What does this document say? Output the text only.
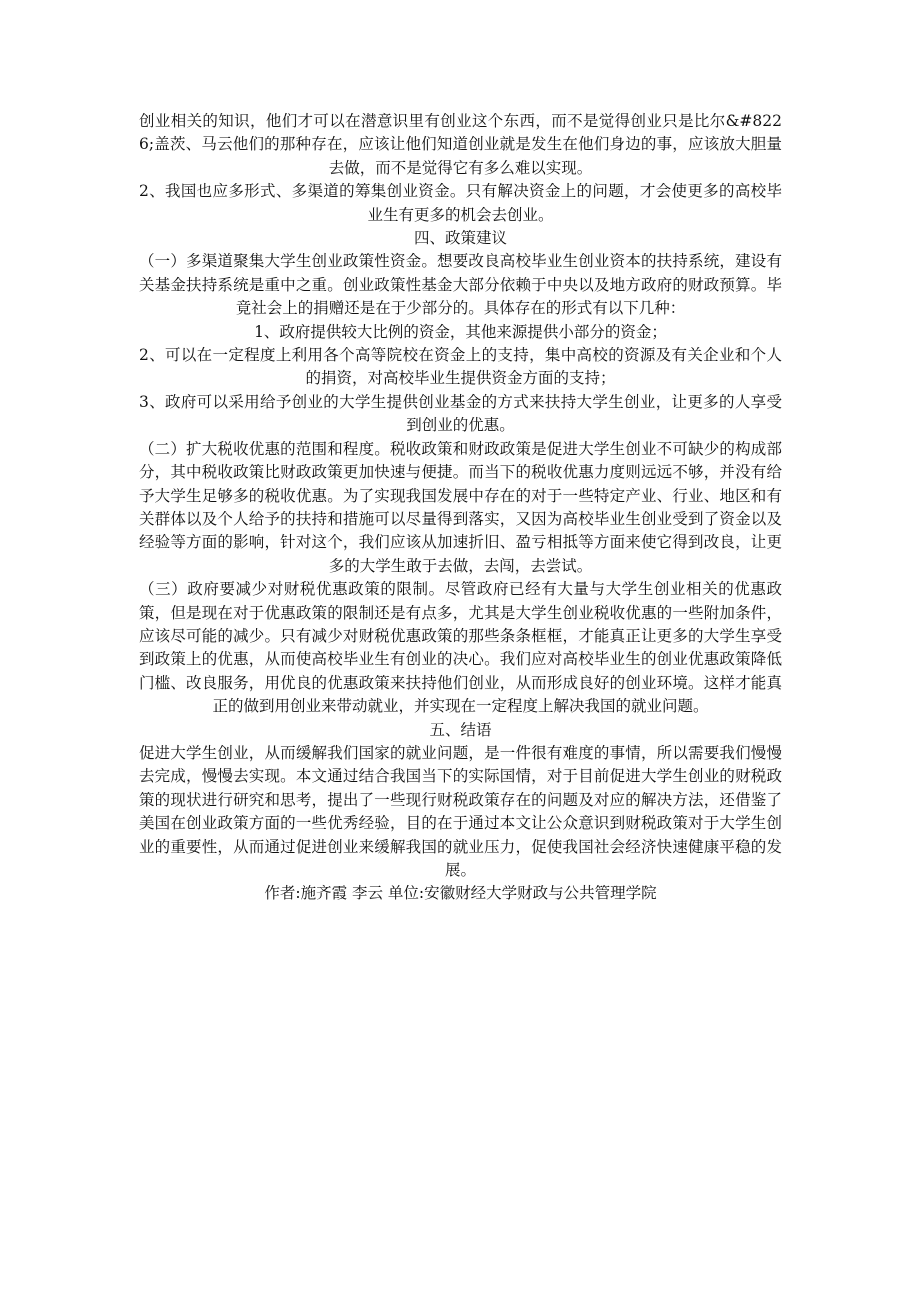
创业相关的知识，他们才可以在潜意识里有创业这个东西，而不是觉得创业只是比尔&#8226;盖茨、马云他们的那种存在，应该让他们知道创业就是发生在他们身边的事，应该放大胆量去做，而不是觉得它有多么难以实现。

2、我国也应多形式、多渠道的筹集创业资金。只有解决资金上的问题，才会使更多的高校毕业生有更多的机会去创业。

四、政策建议

（一）多渠道聚集大学生创业政策性资金。想要改良高校毕业生创业资本的扶持系统，建设有关基金扶持系统是重中之重。创业政策性基金大部分依赖于中央以及地方政府的财政预算。毕竟社会上的捐赠还是在于少部分的。具体存在的形式有以下几种：

1、政府提供较大比例的资金，其他来源提供小部分的资金；

2、可以在一定程度上利用各个高等院校在资金上的支持，集中高校的资源及有关企业和个人的捐资，对高校毕业生提供资金方面的支持；

3、政府可以采用给予创业的大学生提供创业基金的方式来扶持大学生创业，让更多的人享受到创业的优惠。

（二）扩大税收优惠的范围和程度。税收政策和财政政策是促进大学生创业不可缺少的构成部分，其中税收政策比财政政策更加快速与便捷。而当下的税收优惠力度则远远不够，并没有给予大学生足够多的税收优惠。为了实现我国发展中存在的对于一些特定产业、行业、地区和有关群体以及个人给予的扶持和措施可以尽量得到落实，又因为高校毕业生创业受到了资金以及经验等方面的影响，针对这个，我们应该从加速折旧、盈亏相抵等方面来使它得到改良，让更多的大学生敢于去做，去闯，去尝试。

（三）政府要减少对财税优惠政策的限制。尽管政府已经有大量与大学生创业相关的优惠政策，但是现在对于优惠政策的限制还是有点多，尤其是大学生创业税收优惠的一些附加条件，应该尽可能的减少。只有减少对财税优惠政策的那些条条框框，才能真正让更多的大学生享受到政策上的优惠，从而使高校毕业生有创业的决心。我们应对高校毕业生的创业优惠政策降低门槛、改良服务，用优良的优惠政策来扶持他们创业，从而形成良好的创业环境。这样才能真正的做到用创业来带动就业，并实现在一定程度上解决我国的就业问题。

五、结语

促进大学生创业，从而缓解我们国家的就业问题，是一件很有难度的事情，所以需要我们慢慢去完成，慢慢去实现。本文通过结合我国当下的实际国情，对于目前促进大学生创业的财税政策的现状进行研究和思考，提出了一些现行财税政策存在的问题及对应的解决方法，还借鉴了美国在创业政策方面的一些优秀经验，目的在于通过本文让公众意识到财税政策对于大学生创业的重要性，从而通过促进创业来缓解我国的就业压力，促使我国社会经济快速健康平稳的发展。

作者:施齐霞 李云 单位:安徽财经大学财政与公共管理学院
